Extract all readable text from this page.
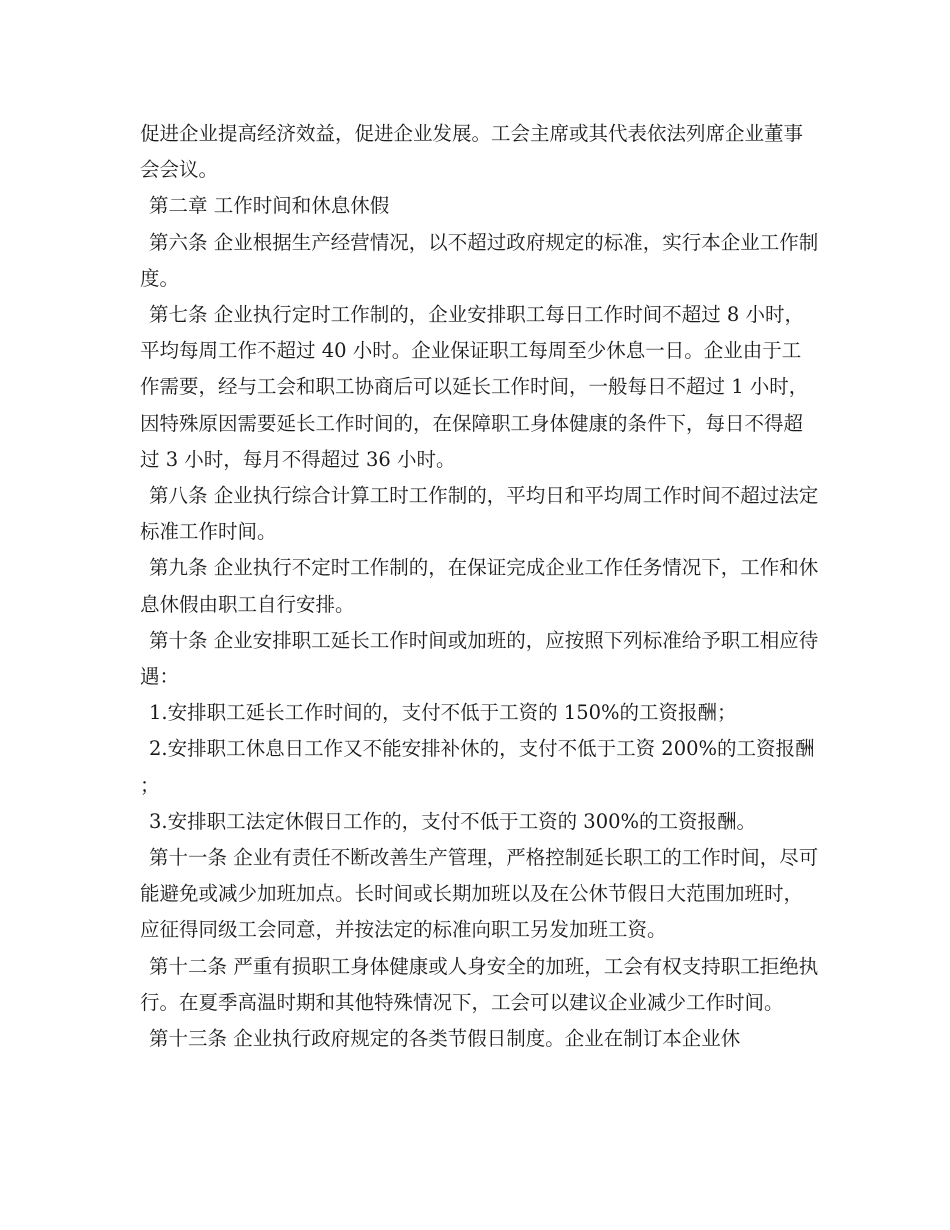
促进企业提高经济效益，促进企业发展。工会主席或其代表依法列席企业董事会会议。

第二章 工作时间和休息休假

第六条 企业根据生产经营情况，以不超过政府规定的标准，实行本企业工作制度。

第七条 企业执行定时工作制的，企业安排职工每日工作时间不超过 8 小时，平均每周工作不超过 40 小时。企业保证职工每周至少休息一日。企业由于工作需要，经与工会和职工协商后可以延长工作时间，一般每日不超过 1 小时，因特殊原因需要延长工作时间的，在保障职工身体健康的条件下，每日不得超过 3 小时，每月不得超过 36 小时。

第八条 企业执行综合计算工时工作制的，平均日和平均周工作时间不超过法定标准工作时间。

第九条 企业执行不定时工作制的，在保证完成企业工作任务情况下，工作和休息休假由职工自行安排。

第十条 企业安排职工延长工作时间或加班的，应按照下列标准给予职工相应待遇：

1.安排职工延长工作时间的，支付不低于工资的 150%的工资报酬；

2.安排职工休息日工作又不能安排补休的，支付不低于工资 200%的工资报酬；

3.安排职工法定休假日工作的，支付不低于工资的 300%的工资报酬。

第十一条 企业有责任不断改善生产管理，严格控制延长职工的工作时间，尽可能避免或减少加班加点。长时间或长期加班以及在公休节假日大范围加班时，应征得同级工会同意，并按法定的标准向职工另发加班工资。

第十二条 严重有损职工身体健康或人身安全的加班，工会有权支持职工拒绝执行。在夏季高温时期和其他特殊情况下，工会可以建议企业减少工作时间。

第十三条 企业执行政府规定的各类节假日制度。企业在制订本企业休
